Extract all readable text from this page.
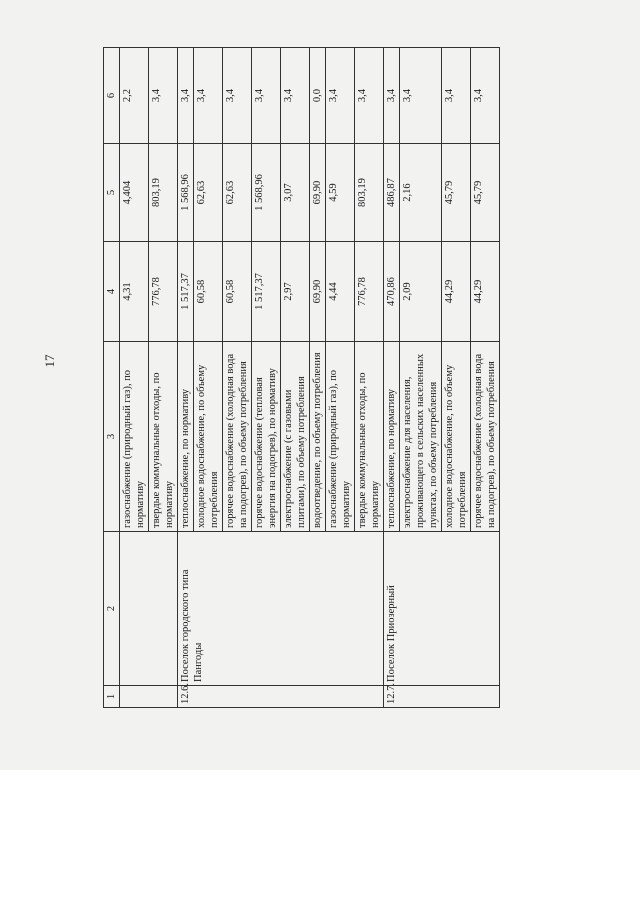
17
1	2	3	4	5	6
		газоснабжение (природный газ), по нормативу	4,31	4,404	2,2
		твердые коммунальные отходы, по нормативу	776,78	803,19	3,4
12.6.	Поселок городского типа Пангоды	теплоснабжение, по нормативу	1 517,37	1 568,96	3,4
		холодное водоснабжение, по объему потребления	60,58	62,63	3,4
		горячее водоснабжение (холодная вода на подогрев), по объему потребления	60,58	62,63	3,4
		горячее водоснабжение (тепловая энергия на подогрев), по нормативу	1 517,37	1 568,96	3,4
		электроснабжение (с газовыми плитами), по объему потребления	2,97	3,07	3,4
		водоотведение, по объему потребления	69,90	69,90	0,0
		газоснабжение (природный газ), по нормативу	4,44	4,59	3,4
		твердые коммунальные отходы, по нормативу	776,78	803,19	3,4
12.7.	Поселок Приозерный	теплоснабжение, по нормативу	470,86	486,87	3,4
		электроснабжение для населения, проживающего в сельских населенных пунктах, по объему потребления	2,09	2,16	3,4
		холодное водоснабжение, по объему потребления	44,29	45,79	3,4
		горячее водоснабжение (холодная вода на подогрев), по объему потребления	44,29	45,79	3,4
